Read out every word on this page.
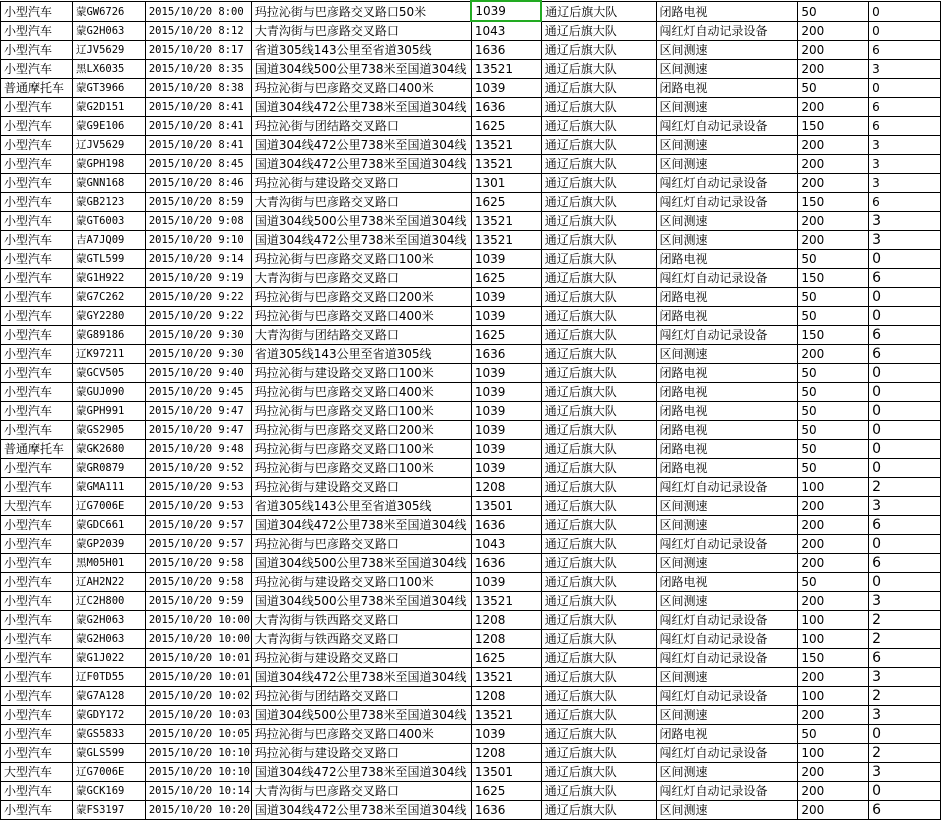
小型汽车	蒙GW6726	2015/10/20 8:00	玛拉沁街与巴彦路交叉路口50米	1039	通辽后旗大队	闭路电视	50	0
小型汽车	蒙G2H063	2015/10/20 8:12	大青沟街与巴彦路交叉路口	1043	通辽后旗大队	闯红灯自动记录设备	200	0
小型汽车	辽JV5629	2015/10/20 8:17	省道305线143公里至省道305线	1636	通辽后旗大队	区间测速	200	6
小型汽车	黑LX6035	2015/10/20 8:35	国道304线500公里738米至国道304线	13521	通辽后旗大队	区间测速	200	3
普通摩托车	蒙GT3966	2015/10/20 8:38	玛拉沁街与巴彦路交叉路口400米	1039	通辽后旗大队	闭路电视	50	0
小型汽车	蒙G2D151	2015/10/20 8:41	国道304线472公里738米至国道304线	1636	通辽后旗大队	区间测速	200	6
小型汽车	蒙G9E106	2015/10/20 8:41	玛拉沁街与团结路交叉路口	1625	通辽后旗大队	闯红灯自动记录设备	150	6
小型汽车	辽JV5629	2015/10/20 8:41	国道304线472公里738米至国道304线	13521	通辽后旗大队	区间测速	200	3
小型汽车	蒙GPH198	2015/10/20 8:45	国道304线472公里738米至国道304线	13521	通辽后旗大队	区间测速	200	3
小型汽车	蒙GNN168	2015/10/20 8:46	玛拉沁街与建设路交叉路口	1301	通辽后旗大队	闯红灯自动记录设备	200	3
小型汽车	蒙GB2123	2015/10/20 8:59	大青沟街与巴彦路交叉路口	1625	通辽后旗大队	闯红灯自动记录设备	150	6
小型汽车	蒙GT6003	2015/10/20 9:08	国道304线500公里738米至国道304线	13521	通辽后旗大队	区间测速	200	3
小型汽车	吉A7JQ09	2015/10/20 9:10	国道304线472公里738米至国道304线	13521	通辽后旗大队	区间测速	200	3
小型汽车	蒙GTL599	2015/10/20 9:14	玛拉沁街与巴彦路交叉路口100米	1039	通辽后旗大队	闭路电视	50	0
小型汽车	蒙G1H922	2015/10/20 9:19	大青沟街与巴彦路交叉路口	1625	通辽后旗大队	闯红灯自动记录设备	150	6
小型汽车	蒙G7C262	2015/10/20 9:22	玛拉沁街与巴彦路交叉路口200米	1039	通辽后旗大队	闭路电视	50	0
小型汽车	蒙GY2280	2015/10/20 9:22	玛拉沁街与巴彦路交叉路口400米	1039	通辽后旗大队	闭路电视	50	0
小型汽车	蒙G89186	2015/10/20 9:30	大青沟街与团结路交叉路口	1625	通辽后旗大队	闯红灯自动记录设备	150	6
小型汽车	辽K97211	2015/10/20 9:30	省道305线143公里至省道305线	1636	通辽后旗大队	区间测速	200	6
小型汽车	蒙GCV505	2015/10/20 9:40	玛拉沁街与建设路交叉路口100米	1039	通辽后旗大队	闭路电视	50	0
小型汽车	蒙GUJ090	2015/10/20 9:45	玛拉沁街与巴彦路交叉路口400米	1039	通辽后旗大队	闭路电视	50	0
小型汽车	蒙GPH991	2015/10/20 9:47	玛拉沁街与巴彦路交叉路口100米	1039	通辽后旗大队	闭路电视	50	0
小型汽车	蒙GS2905	2015/10/20 9:47	玛拉沁街与巴彦路交叉路口200米	1039	通辽后旗大队	闭路电视	50	0
普通摩托车	蒙GK2680	2015/10/20 9:48	玛拉沁街与巴彦路交叉路口100米	1039	通辽后旗大队	闭路电视	50	0
小型汽车	蒙GR0879	2015/10/20 9:52	玛拉沁街与巴彦路交叉路口100米	1039	通辽后旗大队	闭路电视	50	0
小型汽车	蒙GMA111	2015/10/20 9:53	玛拉沁街与建设路交叉路口	1208	通辽后旗大队	闯红灯自动记录设备	100	2
大型汽车	辽G7006E	2015/10/20 9:53	省道305线143公里至省道305线	13501	通辽后旗大队	区间测速	200	3
小型汽车	蒙GDC661	2015/10/20 9:57	国道304线472公里738米至国道304线	1636	通辽后旗大队	区间测速	200	6
小型汽车	蒙GP2039	2015/10/20 9:57	玛拉沁街与巴彦路交叉路口	1043	通辽后旗大队	闯红灯自动记录设备	200	0
小型汽车	黑M05H01	2015/10/20 9:58	国道304线500公里738米至国道304线	1636	通辽后旗大队	区间测速	200	6
小型汽车	辽AH2N22	2015/10/20 9:58	玛拉沁街与建设路交叉路口100米	1039	通辽后旗大队	闭路电视	50	0
小型汽车	辽C2H800	2015/10/20 9:59	国道304线500公里738米至国道304线	13521	通辽后旗大队	区间测速	200	3
小型汽车	蒙G2H063	2015/10/20 10:00	大青沟街与铁西路交叉路口	1208	通辽后旗大队	闯红灯自动记录设备	100	2
小型汽车	蒙G2H063	2015/10/20 10:00	大青沟街与铁西路交叉路口	1208	通辽后旗大队	闯红灯自动记录设备	100	2
小型汽车	蒙G1J022	2015/10/20 10:01	玛拉沁街与建设路交叉路口	1625	通辽后旗大队	闯红灯自动记录设备	150	6
小型汽车	辽F0TD55	2015/10/20 10:01	国道304线472公里738米至国道304线	13521	通辽后旗大队	区间测速	200	3
小型汽车	蒙G7A128	2015/10/20 10:02	玛拉沁街与团结路交叉路口	1208	通辽后旗大队	闯红灯自动记录设备	100	2
小型汽车	蒙GDY172	2015/10/20 10:03	国道304线500公里738米至国道304线	13521	通辽后旗大队	区间测速	200	3
小型汽车	蒙GS5833	2015/10/20 10:05	玛拉沁街与巴彦路交叉路口400米	1039	通辽后旗大队	闭路电视	50	0
小型汽车	蒙GLS599	2015/10/20 10:10	玛拉沁街与建设路交叉路口	1208	通辽后旗大队	闯红灯自动记录设备	100	2
大型汽车	辽G7006E	2015/10/20 10:10	国道304线472公里738米至国道304线	13501	通辽后旗大队	区间测速	200	3
小型汽车	蒙GCK169	2015/10/20 10:14	大青沟街与巴彦路交叉路口	1625	通辽后旗大队	闯红灯自动记录设备	200	0
小型汽车	蒙FS3197	2015/10/20 10:20	国道304线472公里738米至国道304线	1636	通辽后旗大队	区间测速	200	6
